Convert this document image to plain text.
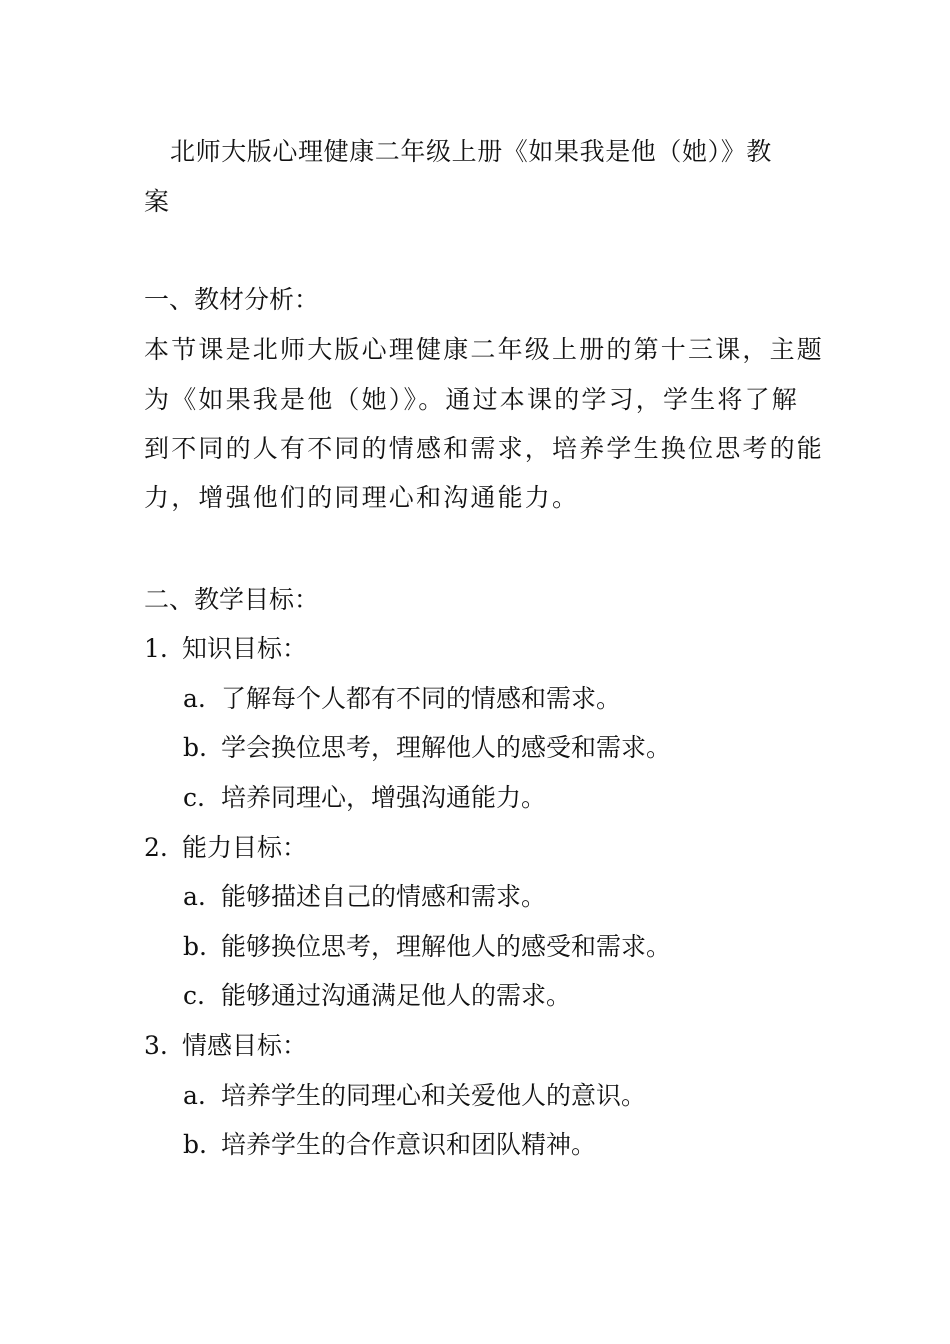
北师大版心理健康二年级上册《如果我是他（她）》教
案
一、教材分析：
本节课是北师大版心理健康二年级上册的第十三课，主题
为《如果我是他（她）》。通过本课的学习，学生将了解
到不同的人有不同的情感和需求，培养学生换位思考的能
力，增强他们的同理心和沟通能力。
二、教学目标：
1. 知识目标：
a. 了解每个人都有不同的情感和需求。
b. 学会换位思考，理解他人的感受和需求。
c. 培养同理心，增强沟通能力。
2. 能力目标：
a. 能够描述自己的情感和需求。
b. 能够换位思考，理解他人的感受和需求。
c. 能够通过沟通满足他人的需求。
3. 情感目标：
a. 培养学生的同理心和关爱他人的意识。
b. 培养学生的合作意识和团队精神。
